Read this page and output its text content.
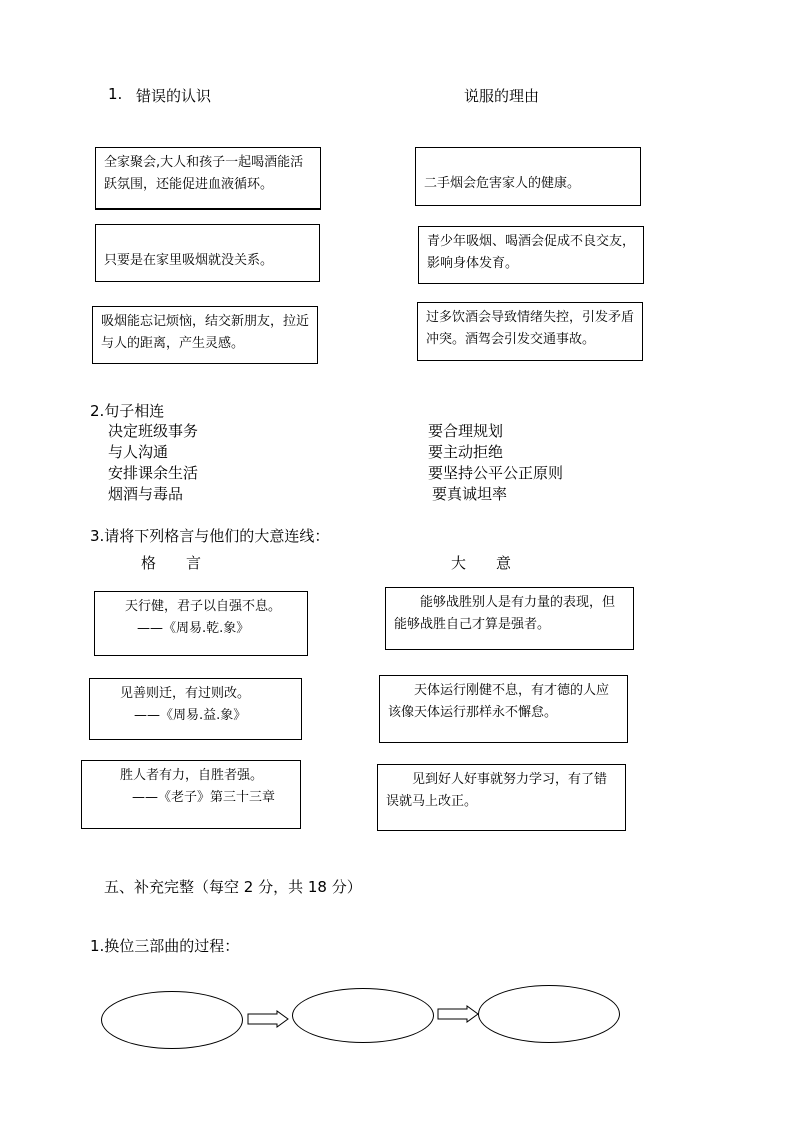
1. 错误的认识	说服的理由
全家聚会,大人和孩子一起喝酒能活跃氛围，还能促进血液循环。
只要是在家里吸烟就没关系。
吸烟能忘记烦恼，结交新朋友，拉近与人的距离，产生灵感。
二手烟会危害家人的健康。
青少年吸烟、喝酒会促成不良交友，影响身体发育。
过多饮酒会导致情绪失控，引发矛盾冲突。酒驾会引发交通事故。
2.句子相连
决定班级事务
与人沟通
安排课余生活
烟酒与毒品
要合理规划
要主动拒绝
要坚持公平公正原则
要真诚坦率
3.请将下列格言与他们的大意连线：
格　　言	大　　意
天行健，君子以自强不息。
——《周易.乾.象》
见善则迁，有过则改。
——《周易.益.象》
胜人者有力，自胜者强。
——《老子》第三十三章
能够战胜别人是有力量的表现，但能够战胜自己才算是强者。
天体运行刚健不息，有才德的人应该像天体运行那样永不懈怠。
见到好人好事就努力学习，有了错误就马上改正。
五、补充完整（每空 2 分，共 18 分）
1.换位三部曲的过程：
